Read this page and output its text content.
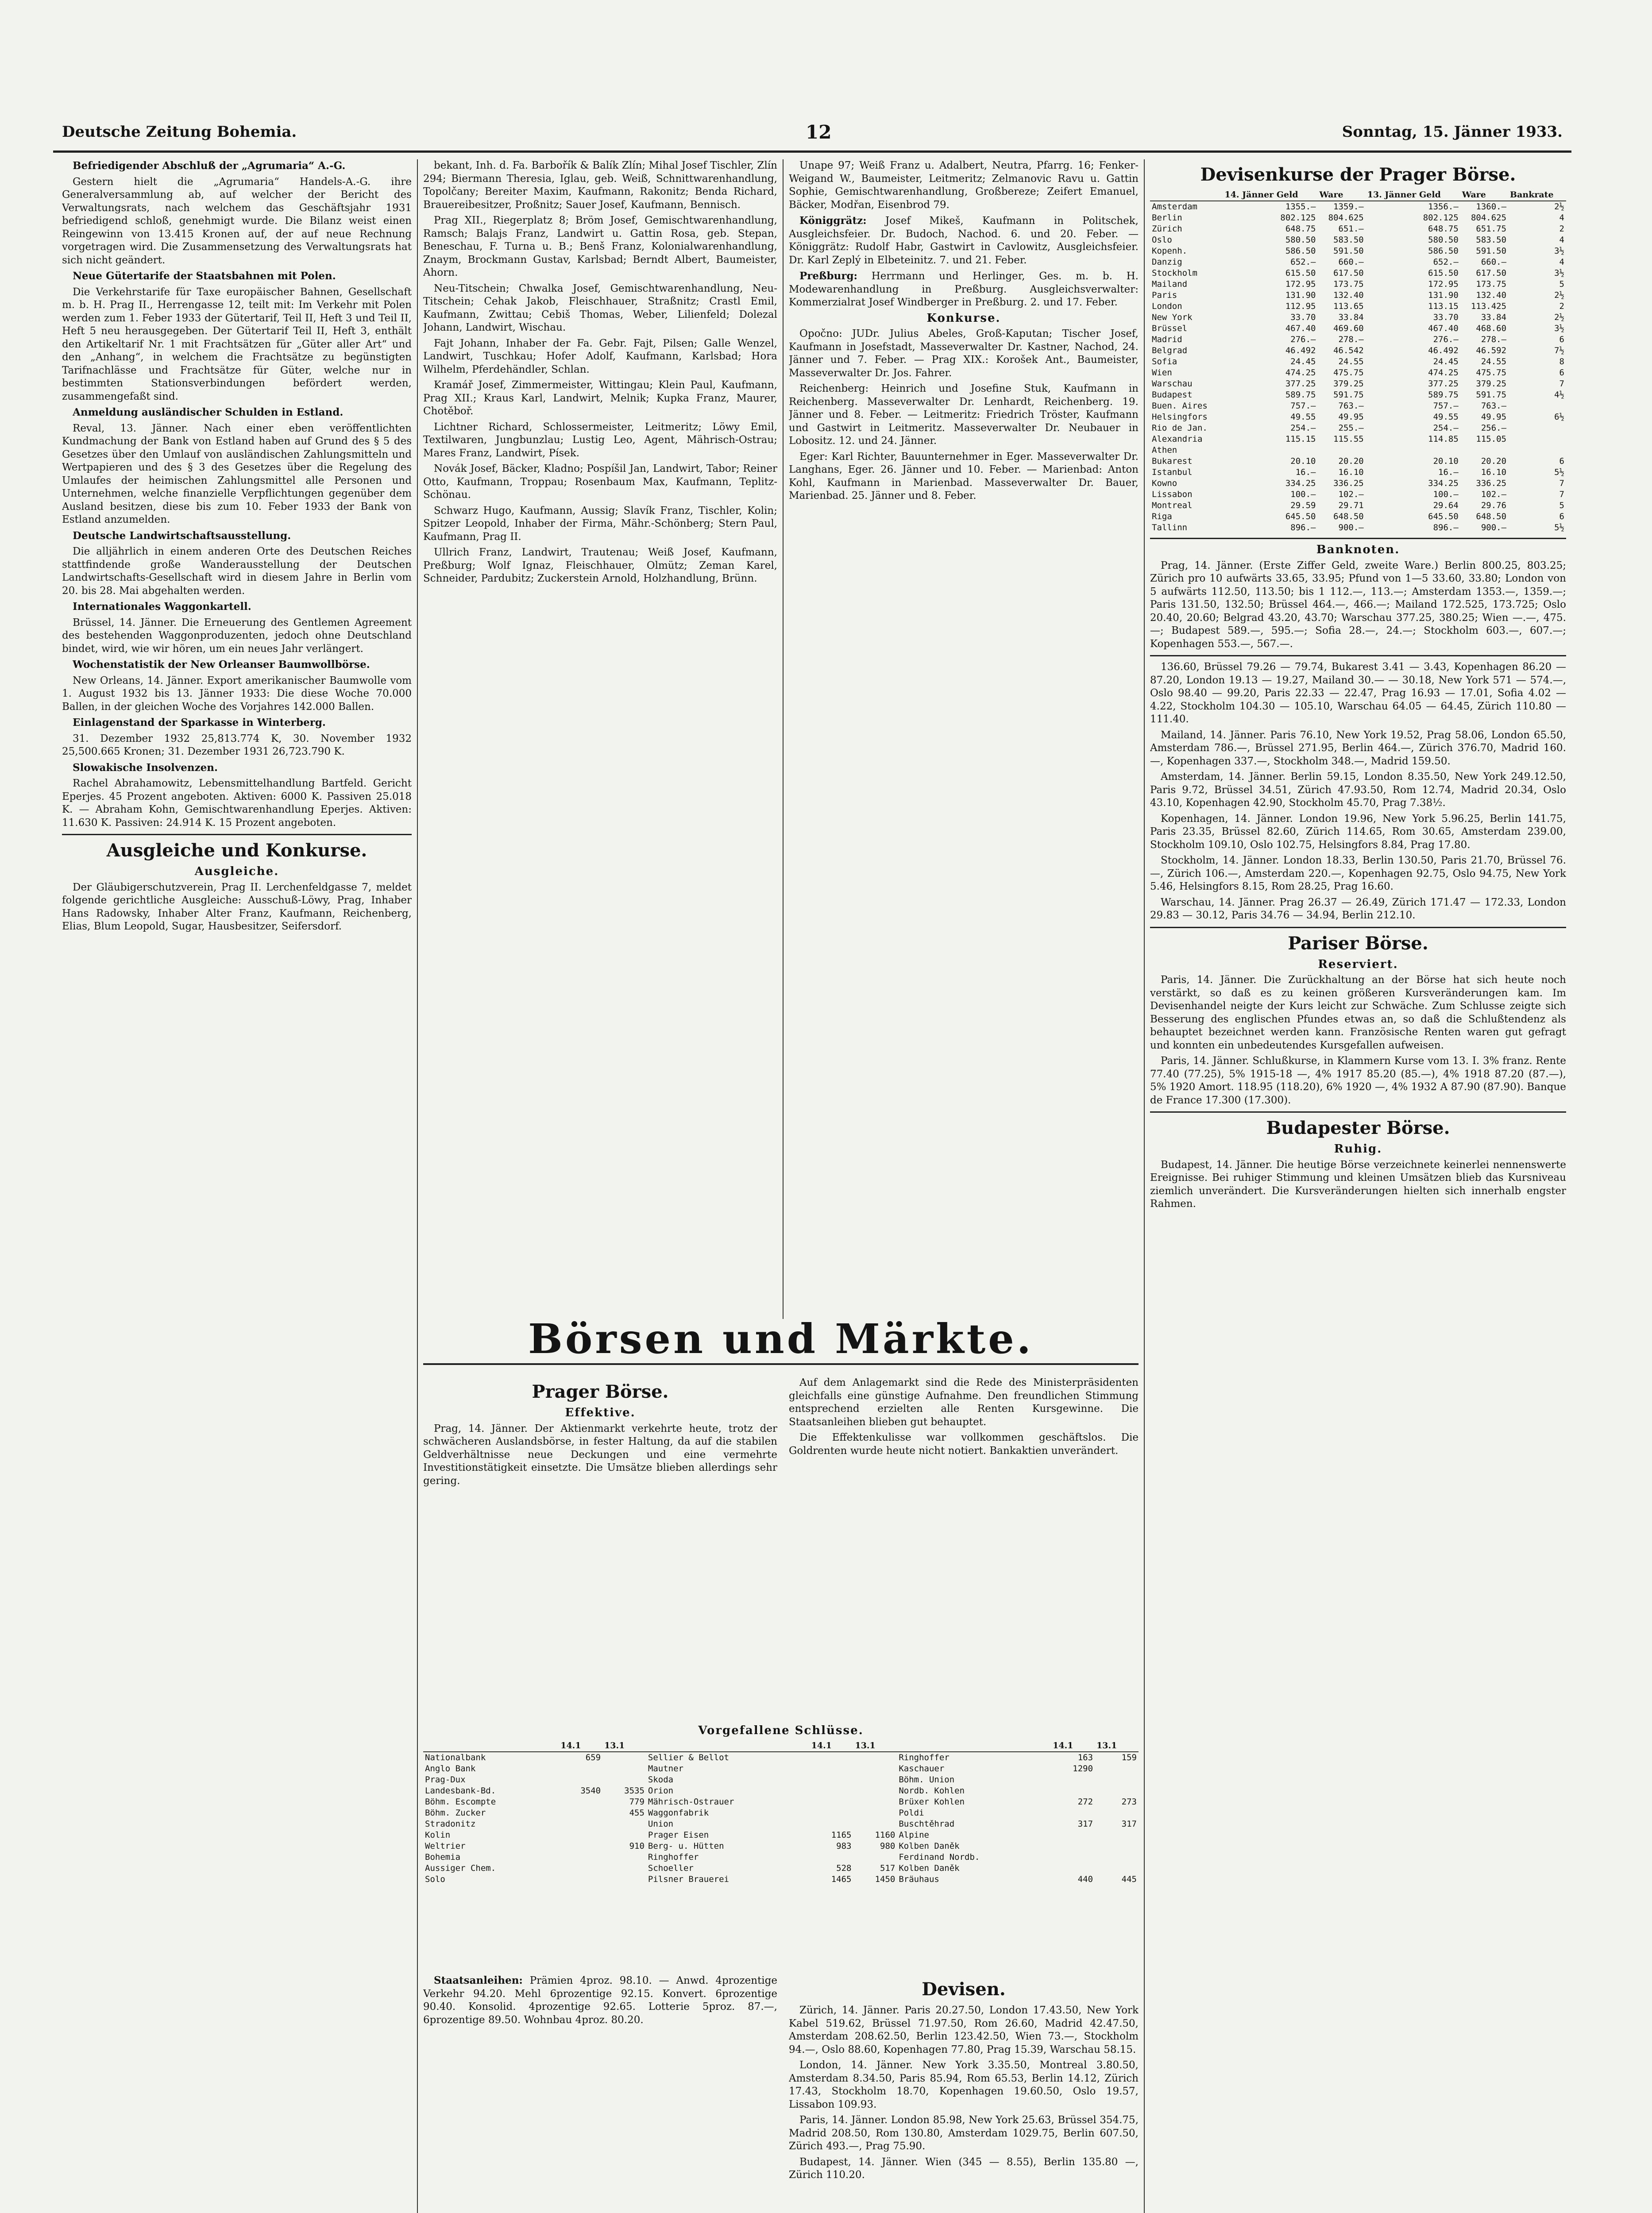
Deutsche Zeitung Bohemia.	12	Sonntag, 15. Jänner 1933.

Befriedigender Abschluß der „Agrumaria“ A.-G.

Gestern hielt die „Agrumaria“ Handels-A.-G. ihre Generalversammlung ab, auf welcher der Bericht des Verwaltungsrats, nach welchem das Geschäftsjahr 1931 befriedigend schloß, genehmigt wurde. Die Bilanz weist einen Reingewinn von 13.415 Kronen auf, der auf neue Rechnung vorgetragen wird. Die Zusammensetzung des Verwaltungsrats hat sich nicht geändert.

Neue Gütertarife der Staatsbahnen mit Polen.

Die Verkehrstarife für Taxe europäischer Bahnen, Gesellschaft m. b. H. Prag II., Herrengasse 12, teilt mit: Im Verkehr mit Polen werden zum 1. Feber 1933 der Gütertarif, Teil II, Heft 3 und Teil II, Heft 5 neu herausgegeben. Der Gütertarif Teil II, Heft 3, enthält den Artikeltarif Nr. 1 mit Frachtsätzen für „Güter aller Art“ und den „Anhang“, in welchem die Frachtsätze zu begünstigten Tarifnachlässe und Frachtsätze für Güter, welche nur in bestimmten Stationsverbindungen befördert werden, zusammengefaßt sind.

Anmeldung ausländischer Schulden in Estland.

Reval, 13. Jänner. Nach einer eben veröffentlichten Kundmachung der Bank von Estland haben auf Grund des § 5 des Gesetzes über den Umlauf von ausländischen Zahlungsmitteln und Wertpapieren und des § 3 des Gesetzes über die Regelung des Umlaufes der heimischen Zahlungsmittel alle Personen und Unternehmen, welche finanzielle Verpflichtungen gegenüber dem Ausland besitzen, diese bis zum 10. Feber 1933 der Bank von Estland anzumelden.

Deutsche Landwirtschaftsausstellung.

Die alljährlich in einem anderen Orte des Deutschen Reiches stattfindende große Wanderausstellung der Deutschen Landwirtschafts-Gesellschaft wird in diesem Jahre in Berlin vom 20. bis 28. Mai abgehalten werden.

Internationales Waggonkartell.

Brüssel, 14. Jänner. Die Erneuerung des Gentlemen Agreement des bestehenden Waggonproduzenten, jedoch ohne Deutschland bindet, wird, wie wir hören, um ein neues Jahr verlängert.

Wochenstatistik der New Orleanser Baumwollbörse.

New Orleans, 14. Jänner. Export amerikanischer Baumwolle vom 1. August 1932 bis 13. Jänner 1933: Die diese Woche 70.000 Ballen, in der gleichen Woche des Vorjahres 142.000 Ballen.

Einlagenstand der Sparkasse in Winterberg.

31. Dezember 1932 25,813.774 K, 30. November 1932 25,500.665 Kronen; 31. Dezember 1931 26,723.790 K.

Slowakische Insolvenzen.

Rachel Abrahamowitz, Lebensmittelhandlung Bartfeld. Gericht Eperjes. 45 Prozent angeboten. Aktiven: 6000 K. Passiven 25.018 K. — Abraham Kohn, Gemischtwarenhandlung Eperjes. Aktiven: 11.630 K. Passiven: 24.914 K. 15 Prozent angeboten.

Ausgleiche und Konkurse.
Ausgleiche.

Der Gläubigerschutzverein, Prag II. Lerchenfeldgasse 7, meldet folgende gerichtliche Ausgleiche: Ausschuß-Löwy, Prag, Inhaber Hans Radowsky, Inhaber Alter Franz, Kaufmann, Reichenberg, Elias, Blum Leopold, Sugar, Hausbesitzer, Seifersdorf.

bekant, Inh. d. Fa. Barbořík & Balík Zlín; Mihal Josef Tischler, Zlín 294; Biermann Theresia, Iglau, geb. Weiß, Schnittwarenhandlung, Topolčany; Bereiter Maxim, Kaufmann, Rakonitz; Benda Richard, Brauereibesitzer, Proßnitz; Sauer Josef, Kaufmann, Bennisch.

Prag XII., Riegerplatz 8; Bröm Josef, Gemischtwarenhandlung, Ramsch; Balajs Franz, Landwirt u. Gattin Rosa, geb. Stepan, Beneschau, F. Turna u. B.; Benš Franz, Kolonialwarenhandlung, Znaym, Brockmann Gustav, Karlsbad; Berndt Albert, Baumeister, Ahorn.

Neu-Titschein; Chwalka Josef, Gemischtwarenhandlung, Neu-Titschein; Cehak Jakob, Fleischhauer, Straßnitz; Crastl Emil, Kaufmann, Zwittau; Cebiš Thomas, Weber, Lilienfeld; Dolezal Johann, Landwirt, Wischau.

Fajt Johann, Inhaber der Fa. Gebr. Fajt, Pilsen; Galle Wenzel, Landwirt, Tuschkau; Hofer Adolf, Kaufmann, Karlsbad; Hora Wilhelm, Pferdehändler, Schlan.

Kramář Josef, Zimmermeister, Wittingau; Klein Paul, Kaufmann, Prag XII.; Kraus Karl, Landwirt, Melnik; Kupka Franz, Maurer, Chotěboř.

Lichtner Richard, Schlossermeister, Leitmeritz; Löwy Emil, Textilwaren, Jungbunzlau; Lustig Leo, Agent, Mährisch-Ostrau; Mares Franz, Landwirt, Písek.

Novák Josef, Bäcker, Kladno; Pospíšil Jan, Landwirt, Tabor; Reiner Otto, Kaufmann, Troppau; Rosenbaum Max, Kaufmann, Teplitz-Schönau.

Schwarz Hugo, Kaufmann, Aussig; Slavík Franz, Tischler, Kolin; Spitzer Leopold, Inhaber der Firma, Mähr.-Schönberg; Stern Paul, Kaufmann, Prag II.

Ullrich Franz, Landwirt, Trautenau; Weiß Josef, Kaufmann, Preßburg; Wolf Ignaz, Fleischhauer, Olmütz; Zeman Karel, Schneider, Pardubitz; Zuckerstein Arnold, Holzhandlung, Brünn.

Unape 97; Weiß Franz u. Adalbert, Neutra, Pfarrg. 16; Fenker-Weigand W., Baumeister, Leitmeritz; Zelmanovic Ravu u. Gattin Sophie, Gemischtwarenhandlung, Großbereze; Zeifert Emanuel, Bäcker, Modřan, Eisenbrod 79.

Königgrätz: Josef Mikeš, Kaufmann in Politschek, Ausgleichsfeier. Dr. Budoch, Nachod. 6. und 20. Feber. — Königgrätz: Rudolf Habr, Gastwirt in Cavlowitz, Ausgleichsfeier. Dr. Karl Zeplý in Elbeteinitz. 7. und 21. Feber.

Preßburg: Herrmann und Herlinger, Ges. m. b. H. Modewarenhandlung in Preßburg. Ausgleichsverwalter: Kommerzialrat Josef Windberger in Preßburg. 2. und 17. Feber.

Konkurse.

Opočno: JUDr. Julius Abeles, Groß-Kaputan; Tischer Josef, Kaufmann in Josefstadt, Masseverwalter Dr. Kastner, Nachod, 24. Jänner und 7. Feber. — Prag XIX.: Korošek Ant., Baumeister, Masseverwalter Dr. Jos. Fahrer.

Reichenberg: Heinrich und Josefine Stuk, Kaufmann in Reichenberg. Masseverwalter Dr. Lenhardt, Reichenberg. 19. Jänner und 8. Feber. — Leitmeritz: Friedrich Tröster, Kaufmann und Gastwirt in Leitmeritz. Masseverwalter Dr. Neubauer in Lobositz. 12. und 24. Jänner.

Eger: Karl Richter, Bauunternehmer in Eger. Masseverwalter Dr. Langhans, Eger. 26. Jänner und 10. Feber. — Marienbad: Anton Kohl, Kaufmann in Marienbad. Masseverwalter Dr. Bauer, Marienbad. 25. Jänner und 8. Feber.

Börsen und Märkte.
Prager Börse.
Effektive.

Prag, 14. Jänner. Der Aktienmarkt verkehrte heute, trotz der schwächeren Auslandsbörse, in fester Haltung, da auf die stabilen Geldverhältnisse neue Deckungen und eine vermehrte Investitionstätigkeit einsetzte. Die Umsätze blieben allerdings sehr gering.

Auf dem Anlagemarkt sind die Rede des Ministerpräsidenten gleichfalls eine günstige Aufnahme. Den freundlichen Stimmung entsprechend erzielten alle Renten Kursgewinne. Die Staatsanleihen blieben gut behauptet.

Die Effektenkulisse war vollkommen geschäftslos. Die Goldrenten wurde heute nicht notiert. Bankaktien unverändert.

Vorgefallene Schlüsse.
	14.1	13.1		14.1	13.1		14.1	13.1
Nationalbank	659		Sellier & Bellot			Ringhoffer	163	159
Anglo Bank			Mautner			Kaschauer	1290	
Prag-Dux			Skoda			Böhm. Union		
Landesbank-Bd.	3540	3535	Orion			Nordb. Kohlen		
Böhm. Escompte		779	Mährisch-Ostrauer			Brüxer Kohlen	272	273
Böhm. Zucker		455	Waggonfabrik			Poldi		
Stradonitz			Union			Buschtěhrad	317	317
Kolin			Prager Eisen	1165	1160	Alpine		
Weltrier		910	Berg- u. Hütten	983	980	Kolben Daněk		
Bohemia			Ringhoffer			Ferdinand Nordb.		
Aussiger Chem.			Schoeller	528	517	Kolben Daněk		
Solo			Pilsner Brauerei	1465	1450	Bräuhaus	440	445

Staatsanleihen: Prämien 4proz. 98.10. — Anwd. 4prozentige Verkehr 94.20. Mehl 6prozentige 92.15. Konvert. 6prozentige 90.40. Konsolid. 4prozentige 92.65. Lotterie 5proz. 87.—, 6prozentige 89.50. Wohnbau 4proz. 80.20.

Devisen.

Zürich, 14. Jänner. Paris 20.27.50, London 17.43.50, New York Kabel 519.62, Brüssel 71.97.50, Rom 26.60, Madrid 42.47.50, Amsterdam 208.62.50, Berlin 123.42.50, Wien 73.—, Stockholm 94.—, Oslo 88.60, Kopenhagen 77.80, Prag 15.39, Warschau 58.15.

London, 14. Jänner. New York 3.35.50, Montreal 3.80.50, Amsterdam 8.34.50, Paris 85.94, Rom 65.53, Berlin 14.12, Zürich 17.43, Stockholm 18.70, Kopenhagen 19.60.50, Oslo 19.57, Lissabon 109.93.

Paris, 14. Jänner. London 85.98, New York 25.63, Brüssel 354.75, Madrid 208.50, Rom 130.80, Amsterdam 1029.75, Berlin 607.50, Zürich 493.—, Prag 75.90.

Budapest, 14. Jänner. Wien (345 — 8.55), Berlin 135.80 —, Zürich 110.20.

Devisenkurse der Prager Börse.
	14. Jänner Geld	Ware	13. Jänner Geld	Ware	Bankrate
Amsterdam	1355.—	1359.—	1356.—	1360.—	2½
Berlin	802.125	804.625	802.125	804.625	4
Zürich	648.75	651.—	648.75	651.75	2
Oslo	580.50	583.50	580.50	583.50	4
Kopenh.	586.50	591.50	586.50	591.50	3½
Danzig	652.—	660.—	652.—	660.—	4
Stockholm	615.50	617.50	615.50	617.50	3½
Mailand	172.95	173.75	172.95	173.75	5
Paris	131.90	132.40	131.90	132.40	2½
London	112.95	113.65	113.15	113.425	2
New York	33.70	33.84	33.70	33.84	2½
Brüssel	467.40	469.60	467.40	468.60	3½
Madrid	276.—	278.—	276.—	278.—	6
Belgrad	46.492	46.542	46.492	46.592	7½
Sofia	24.45	24.55	24.45	24.55	8
Wien	474.25	475.75	474.25	475.75	6
Warschau	377.25	379.25	377.25	379.25	7
Budapest	589.75	591.75	589.75	591.75	4½
Buen. Aires	757.—	763.—	757.—	763.—	
Helsingfors	49.55	49.95	49.55	49.95	6½
Rio de Jan.	254.—	255.—	254.—	256.—	
Alexandria	115.15	115.55	114.85	115.05	
Athen					
Bukarest	20.10	20.20	20.10	20.20	6
Istanbul	16.—	16.10	16.—	16.10	5½
Kowno	334.25	336.25	334.25	336.25	7
Lissabon	100.—	102.—	100.—	102.—	7
Montreal	29.59	29.71	29.64	29.76	5
Riga	645.50	648.50	645.50	648.50	6
Tallinn	896.—	900.—	896.—	900.—	5½
Banknoten.

Prag, 14. Jänner. (Erste Ziffer Geld, zweite Ware.) Berlin 800.25, 803.25; Zürich pro 10 aufwärts 33.65, 33.95; Pfund von 1—5 33.60, 33.80; London von 5 aufwärts 112.50, 113.50; bis 1 112.—, 113.—; Amsterdam 1353.—, 1359.—; Paris 131.50, 132.50; Brüssel 464.—, 466.—; Mailand 172.525, 173.725; Oslo 20.40, 20.60; Belgrad 43.20, 43.70; Warschau 377.25, 380.25; Wien —.—, 475.—; Budapest 589.—, 595.—; Sofia 28.—, 24.—; Stockholm 603.—, 607.—; Kopenhagen 553.—, 567.—.

136.60, Brüssel 79.26 — 79.74, Bukarest 3.41 — 3.43, Kopenhagen 86.20 — 87.20, London 19.13 — 19.27, Mailand 30.— — 30.18, New York 571 — 574.—, Oslo 98.40 — 99.20, Paris 22.33 — 22.47, Prag 16.93 — 17.01, Sofia 4.02 — 4.22, Stockholm 104.30 — 105.10, Warschau 64.05 — 64.45, Zürich 110.80 — 111.40.

Mailand, 14. Jänner. Paris 76.10, New York 19.52, Prag 58.06, London 65.50, Amsterdam 786.—, Brüssel 271.95, Berlin 464.—, Zürich 376.70, Madrid 160.—, Kopenhagen 337.—, Stockholm 348.—, Madrid 159.50.

Amsterdam, 14. Jänner. Berlin 59.15, London 8.35.50, New York 249.12.50, Paris 9.72, Brüssel 34.51, Zürich 47.93.50, Rom 12.74, Madrid 20.34, Oslo 43.10, Kopenhagen 42.90, Stockholm 45.70, Prag 7.38½.

Kopenhagen, 14. Jänner. London 19.96, New York 5.96.25, Berlin 141.75, Paris 23.35, Brüssel 82.60, Zürich 114.65, Rom 30.65, Amsterdam 239.00, Stockholm 109.10, Oslo 102.75, Helsingfors 8.84, Prag 17.80.

Stockholm, 14. Jänner. London 18.33, Berlin 130.50, Paris 21.70, Brüssel 76.—, Zürich 106.—, Amsterdam 220.—, Kopenhagen 92.75, Oslo 94.75, New York 5.46, Helsingfors 8.15, Rom 28.25, Prag 16.60.

Warschau, 14. Jänner. Prag 26.37 — 26.49, Zürich 171.47 — 172.33, London 29.83 — 30.12, Paris 34.76 — 34.94, Berlin 212.10.

Pariser Börse.
Reserviert.

Paris, 14. Jänner. Die Zurückhaltung an der Börse hat sich heute noch verstärkt, so daß es zu keinen größeren Kursveränderungen kam. Im Devisenhandel neigte der Kurs leicht zur Schwäche. Zum Schlusse zeigte sich Besserung des englischen Pfundes etwas an, so daß die Schlußtendenz als behauptet bezeichnet werden kann. Französische Renten waren gut gefragt und konnten ein unbedeutendes Kursgefallen aufweisen.

Paris, 14. Jänner. Schlußkurse, in Klammern Kurse vom 13. I. 3% franz. Rente 77.40 (77.25), 5% 1915-18 —, 4% 1917 85.20 (85.—), 4% 1918 87.20 (87.—), 5% 1920 Amort. 118.95 (118.20), 6% 1920 —, 4% 1932 A 87.90 (87.90). Banque de France 17.300 (17.300).

Budapester Börse.
Ruhig.

Budapest, 14. Jänner. Die heutige Börse verzeichnete keinerlei nennenswerte Ereignisse. Bei ruhiger Stimmung und kleinen Umsätzen blieb das Kursniveau ziemlich unverändert. Die Kursveränderungen hielten sich innerhalb engster Rahmen.
